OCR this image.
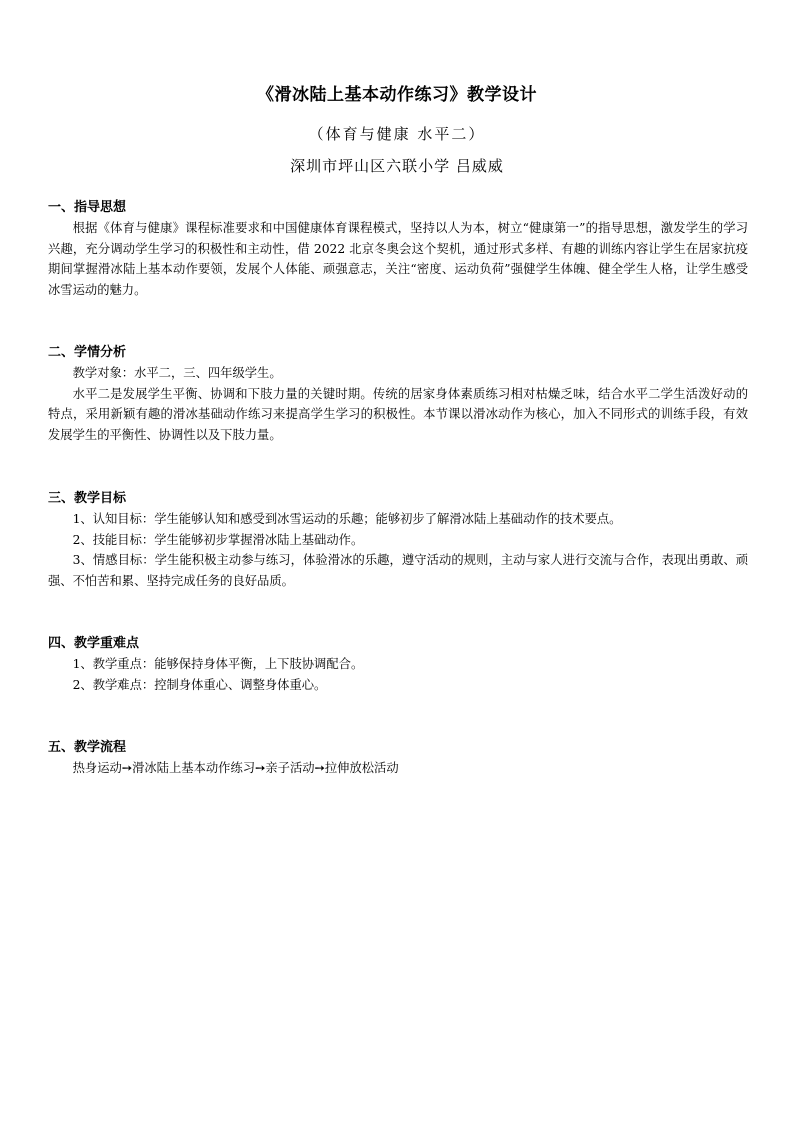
《滑冰陆上基本动作练习》教学设计
（体育与健康 水平二）
深圳市坪山区六联小学 吕威威
一、指导思想

根据《体育与健康》课程标准要求和中国健康体育课程模式，坚持以人为本，树立“健康第一”的指导思想，激发学生的学习兴趣，充分调动学生学习的积极性和主动性，借 2022 北京冬奥会这个契机，通过形式多样、有趣的训练内容让学生在居家抗疫期间掌握滑冰陆上基本动作要领，发展个人体能、顽强意志，关注“密度、运动负荷”强健学生体魄、健全学生人格，让学生感受冰雪运动的魅力。

二、学情分析

教学对象：水平二，三、四年级学生。

水平二是发展学生平衡、协调和下肢力量的关键时期。传统的居家身体素质练习相对枯燥乏味，结合水平二学生活泼好动的特点，采用新颖有趣的滑冰基础动作练习来提高学生学习的积极性。本节课以滑冰动作为核心，加入不同形式的训练手段，有效发展学生的平衡性、协调性以及下肢力量。

三、教学目标

1、认知目标：学生能够认知和感受到冰雪运动的乐趣；能够初步了解滑冰陆上基础动作的技术要点。

2、技能目标：学生能够初步掌握滑冰陆上基础动作。

3、情感目标：学生能积极主动参与练习，体验滑冰的乐趣，遵守活动的规则，主动与家人进行交流与合作，表现出勇敢、顽强、不怕苦和累、坚持完成任务的良好品质。

四、教学重难点

1、教学重点：能够保持身体平衡，上下肢协调配合。

2、教学难点：控制身体重心、调整身体重心。

五、教学流程

热身运动➙滑冰陆上基本动作练习➙亲子活动➙拉伸放松活动
